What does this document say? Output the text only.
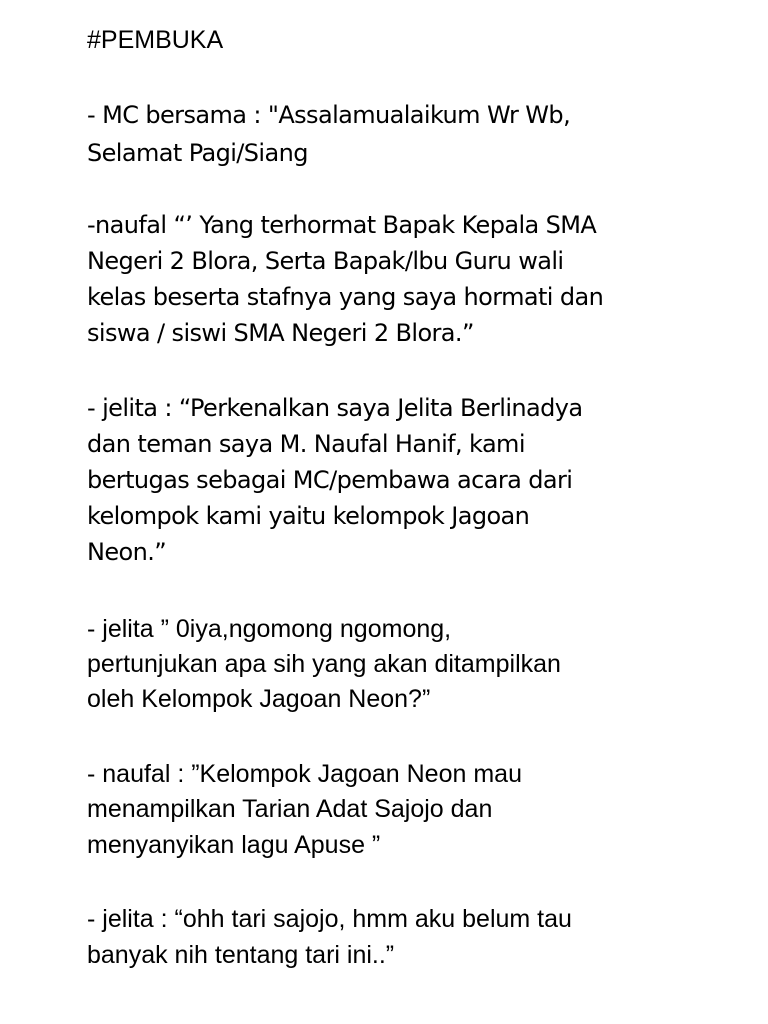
#PEMBUKA
- MC bersama : "Assalamualaikum Wr Wb,
Selamat Pagi/Siang
-naufal “’ Yang terhormat Bapak Kepala SMA
Negeri 2 Blora, Serta Bapak/lbu Guru wali
kelas beserta stafnya yang saya hormati dan
siswa / siswi SMA Negeri 2 Blora.”
- jelita : “Perkenalkan saya Jelita Berlinadya
dan teman saya M. Naufal Hanif, kami
bertugas sebagai MC/pembawa acara dari
kelompok kami yaitu kelompok Jagoan
Neon.”
- jelita ” 0iya,ngomong ngomong,
pertunjukan apa sih yang akan ditampilkan
oleh Kelompok Jagoan Neon?”
- naufal : ”Kelompok Jagoan Neon mau
menampilkan Tarian Adat Sajojo dan
menyanyikan lagu Apuse ”
- jelita : “ohh tari sajojo, hmm aku belum tau
banyak nih tentang tari ini..”
